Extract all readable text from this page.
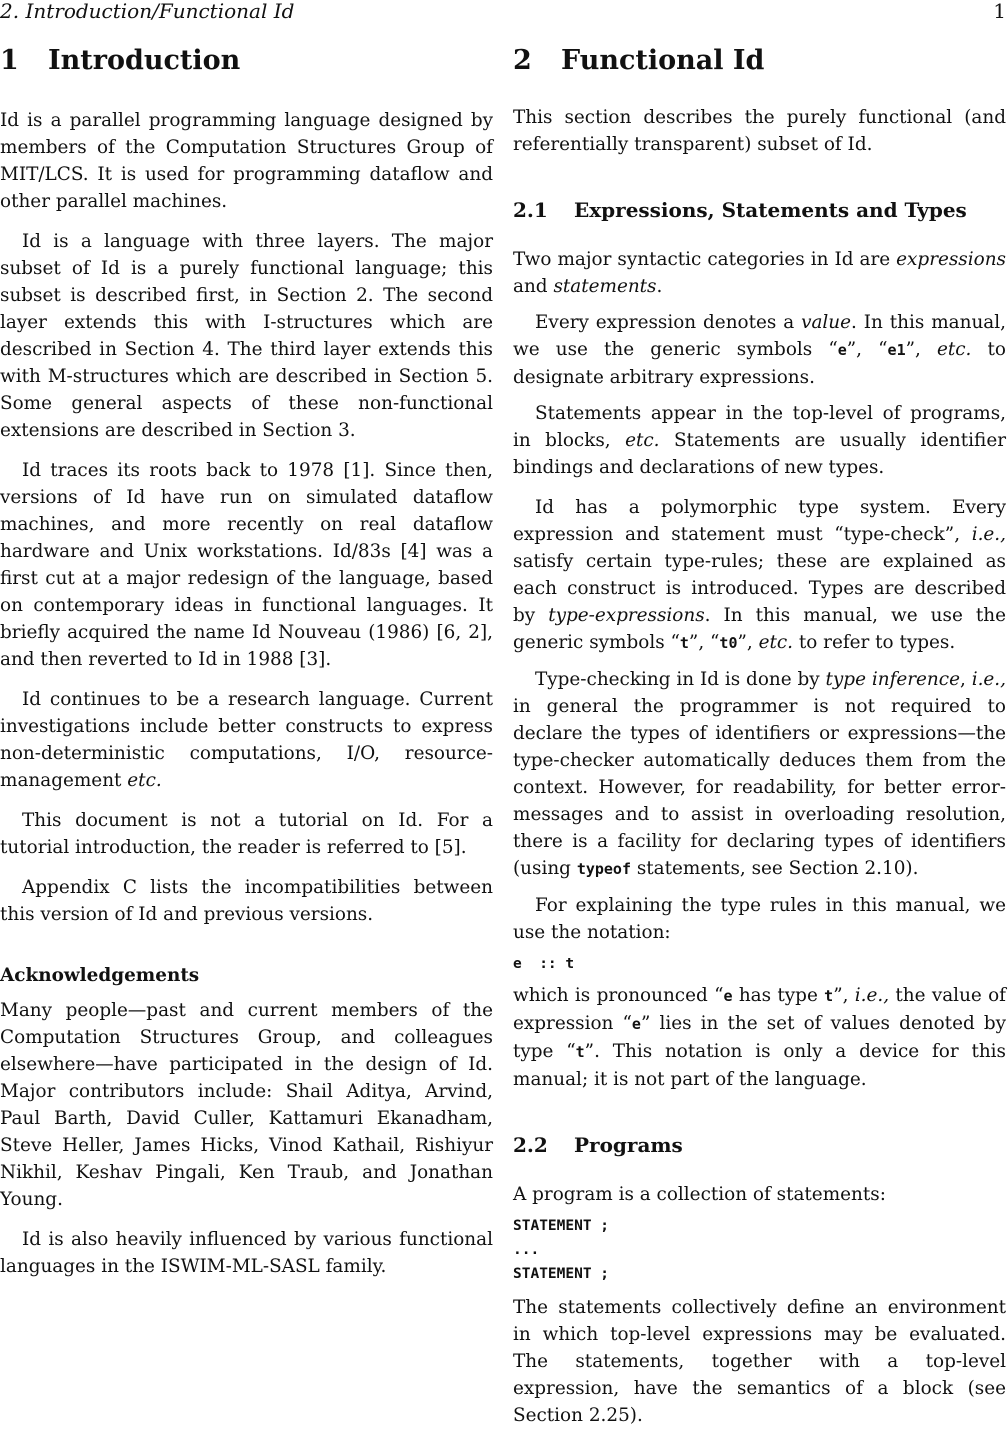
2. Introduction/Functional Id	1
1 Introduction

Id is a parallel programming language designed by members of the Computation Structures Group of MIT/LCS. It is used for programming dataflow and other parallel machines.

Id is a language with three layers. The major subset of Id is a purely functional language; this subset is described first, in Section 2. The second layer extends this with I-structures which are described in Section 4. The third layer extends this with M-structures which are described in Section 5. Some general aspects of these non-functional extensions are described in Section 3.

Id traces its roots back to 1978 [1]. Since then, versions of Id have run on simulated dataflow machines, and more recently on real dataflow hardware and Unix workstations. Id/83s [4] was a first cut at a major redesign of the language, based on contemporary ideas in functional languages. It briefly acquired the name Id Nouveau (1986) [6, 2], and then reverted to Id in 1988 [3].

Id continues to be a research language. Current investigations include better constructs to express non-deterministic computations, I/O, resource-management etc.

This document is not a tutorial on Id. For a tutorial introduction, the reader is referred to [5].

Appendix C lists the incompatibilities between this version of Id and previous versions.

Acknowledgements

Many people—past and current members of the Computation Structures Group, and colleagues elsewhere—have participated in the design of Id. Major contributors include: Shail Aditya, Arvind, Paul Barth, David Culler, Kattamuri Ekanadham, Steve Heller, James Hicks, Vinod Kathail, Rishiyur Nikhil, Keshav Pingali, Ken Traub, and Jonathan Young.

Id is also heavily influenced by various functional languages in the ISWIM-ML-SASL family.

2 Functional Id

This section describes the purely functional (and referentially transparent) subset of Id.

2.1 Expressions, Statements and Types

Two major syntactic categories in Id are expressions and statements.

Every expression denotes a value. In this manual, we use the generic symbols “e”, “e1”, etc. to designate arbitrary expressions.

Statements appear in the top-level of programs, in blocks, etc. Statements are usually identifier bindings and declarations of new types.

Id has a polymorphic type system. Every expression and statement must “type-check”, i.e., satisfy certain type-rules; these are explained as each construct is introduced. Types are described by type-expressions. In this manual, we use the generic symbols “t”, “t0”, etc. to refer to types.

Type-checking in Id is done by type inference, i.e., in general the programmer is not required to declare the types of identifiers or expressions—the type-checker automatically deduces them from the context. However, for readability, for better error-messages and to assist in overloading resolution, there is a facility for declaring types of identifiers (using typeof statements, see Section 2.10).

For explaining the type rules in this manual, we use the notation:

e  :: t

which is pronounced “e has type t”, i.e., the value of expression “e” lies in the set of values denoted by type “t”. This notation is only a device for this manual; it is not part of the language.

2.2 Programs

A program is a collection of statements:

STATEMENT ;
...
STATEMENT ;

The statements collectively define an environment in which top-level expressions may be evaluated. The statements, together with a top-level expression, have the semantics of a block (see Section 2.25).
